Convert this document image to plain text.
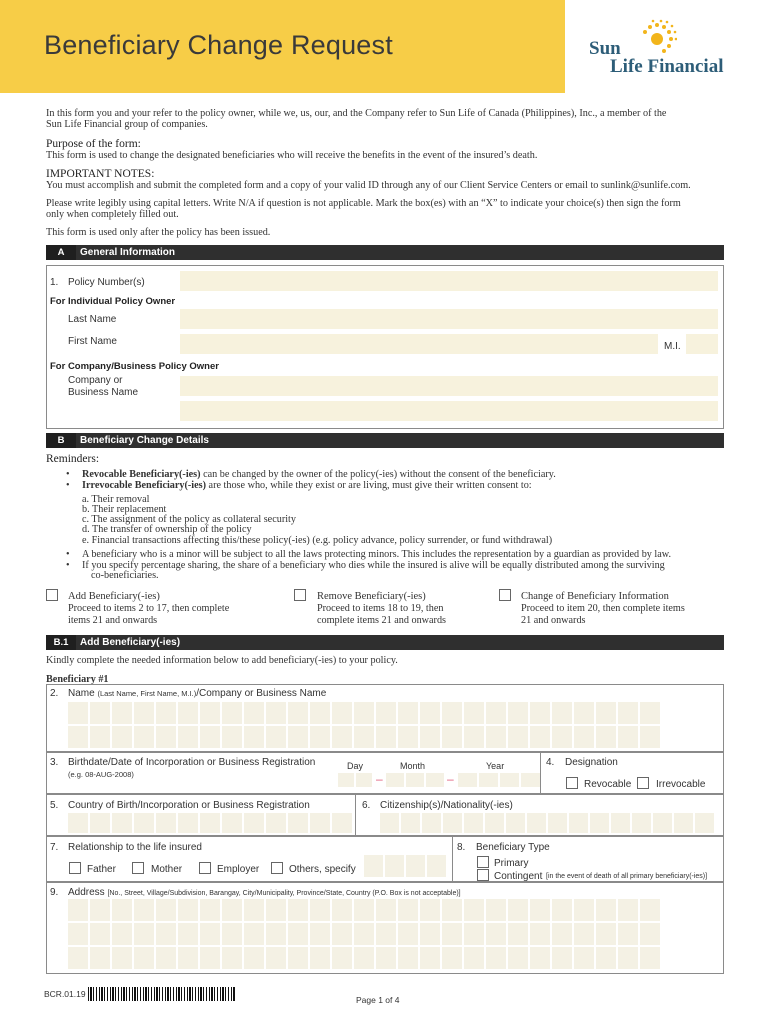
Beneficiary Change Request	Sun
Life Financial
In this form you and your refer to the policy owner, while we, us, our, and the Company refer to Sun Life of Canada (Philippines), Inc., a member of the
Sun Life Financial group of companies.
Purpose of the form:
This form is used to change the designated beneficiaries who will receive the benefits in the event of the insured’s death.
IMPORTANT NOTES:
You must accomplish and submit the completed form and a copy of your valid ID through any of our Client Service Centers or email to sunlink@sunlife.com.
Please write legibly using capital letters. Write N/A if question is not applicable. Mark the box(es) with an “X” to indicate your choice(s) then sign the form
only when completely filled out.
This form is used only after the policy has been issued.
A	General Information
1. Policy Number(s)
For Individual Policy Owner
Last Name
First Name	M.I.
For Company/Business Policy Owner
Company or
Business Name
B	Beneficiary Change Details
Reminders:
• Revocable Beneficiary(-ies) can be changed by the owner of the policy(-ies) without the consent of the beneficiary.
• Irrevocable Beneficiary(-ies) are those who, while they exist or are living, must give their written consent to:
a. Their removal
b. Their replacement
c. The assignment of the policy as collateral security
d. The transfer of ownership of the policy
e. Financial transactions affecting this/these policy(-ies) (e.g. policy advance, policy surrender, or fund withdrawal)
• A beneficiary who is a minor will be subject to all the laws protecting minors. This includes the representation by a guardian as provided by law.
• If you specify percentage sharing, the share of a beneficiary who dies while the insured is alive will be equally distributed among the surviving
co-beneficiaries.
Add Beneficiary(-ies)
Proceed to items 2 to 17, then complete
items 21 and onwards
Remove Beneficiary(-ies)
Proceed to items 18 to 19, then
complete items 21 and onwards
Change of Beneficiary Information
Proceed to item 20, then complete items
21 and onwards
B.1	Add Beneficiary(-ies)
Kindly complete the needed information below to add beneficiary(-ies) to your policy.
Beneficiary #1
2. Name (Last Name, First Name, M.I.)/Company or Business Name
3. Birthdate/Date of Incorporation or Business Registration
(e.g. 08-AUG-2008)
Day	Month	Year
–	–
4. Designation
Revocable Irrevocable
5. Country of Birth/Incorporation or Business Registration	6. Citizenship(s)/Nationality(-ies)
7. Relationship to the life insured
Father	Mother	Employer	Others, specify
8. Beneficiary Type
Primary
Contingent [in the event of death of all primary beneficiary(-ies)]
9. Address [No., Street, Village/Subdivision, Barangay, City/Municipality, Province/State, Country (P.O. Box is not acceptable)]
BCR.01.19
Page 1 of 4
